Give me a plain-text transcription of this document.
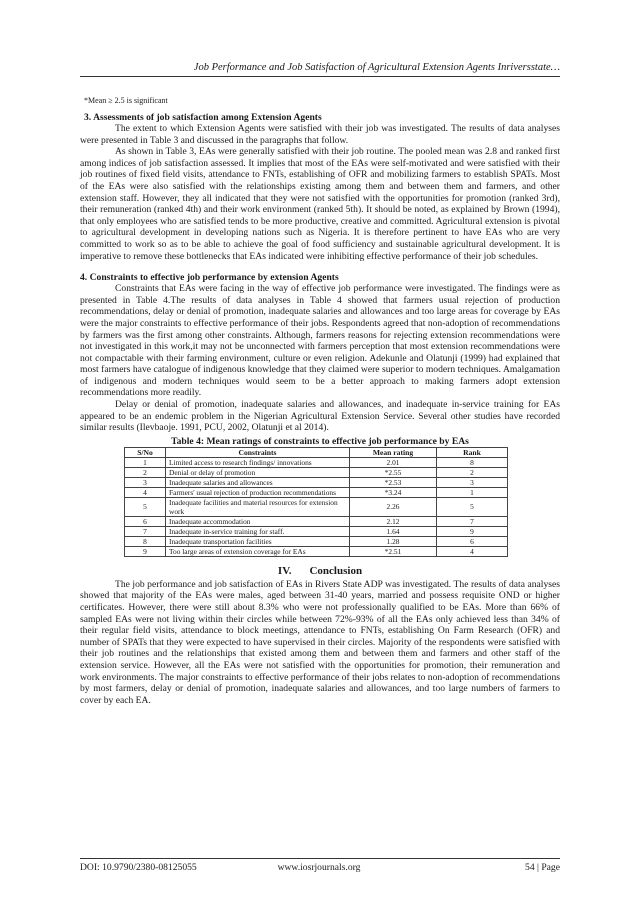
Job Performance and Job Satisfaction of Agricultural Extension Agents Inriversstate…
*Mean ≥ 2.5 is significant

3. Assessments of job satisfaction among Extension Agents

The extent to which Extension Agents were satisfied with their job was investigated. The results of data analyses were presented in Table 3 and discussed in the paragraphs that follow.

As shown in Table 3, EAs were generally satisfied with their job routine. The pooled mean was 2.8 and ranked first among indices of job satisfaction assessed. It implies that most of the EAs were self-motivated and were satisfied with their job routines of fixed field visits, attendance to FNTs, establishing of OFR and mobilizing farmers to establish SPATs. Most of the EAs were also satisfied with the relationships existing among them and between them and farmers, and other extension staff. However, they all indicated that they were not satisfied with the opportunities for promotion (ranked 3rd), their remuneration (ranked 4th) and their work environment (ranked 5th). It should be noted, as explained by Brown (1994), that only employees who are satisfied tends to be more productive, creative and committed. Agricultural extension is pivotal to agricultural development in developing nations such as Nigeria. It is therefore pertinent to have EAs who are very committed to work so as to be able to achieve the goal of food sufficiency and sustainable agricultural development. It is imperative to remove these bottlenecks that EAs indicated were inhibiting effective performance of their job schedules.

4. Constraints to effective job performance by extension Agents

Constraints that EAs were facing in the way of effective job performance were investigated. The findings were as presented in Table 4.The results of data analyses in Table 4 showed that farmers usual rejection of production recommendations, delay or denial of promotion, inadequate salaries and allowances and too large areas for coverage by EAs were the major constraints to effective performance of their jobs. Respondents agreed that non-adoption of recommendations by farmers was the first among other constraints. Although, farmers reasons for rejecting extension recommendations were not investigated in this work,it may not be unconnected with farmers perception that most extension recommendations were not compactable with their farming environment, culture or even religion. Adekunle and Olatunji (1999) had explained that most farmers have catalogue of indigenous knowledge that they claimed were superior to modern techniques. Amalgamation of indigenous and modern techniques would seem to be a better approach to making farmers adopt extension recommendations more readily.

Delay or denial of promotion, inadequate salaries and allowances, and inadequate in-service training for EAs appeared to be an endemic problem in the Nigerian Agricultural Extension Service. Several other studies have recorded similar results (Ilevbaoje. 1991, PCU, 2002, Olatunji et al 2014).

Table 4: Mean ratings of constraints to effective job performance by EAs

S/No	Constraints	Mean rating	Rank
1	Limited access to research findings/ innovations	2.01	8
2	Denial or delay of promotion	*2.55	2
3	Inadequate salaries and allowances	*2.53	3
4	Farmers' usual rejection of production recommendations	*3.24	1
5	Inadequate facilities and material resources for extension work	2.26	5
6	Inadequate accommodation	2.12	7
7	Inadequate in-service training for staff.	1.64	9
8	Inadequate transportation facilities	1.28	6
9	Too large areas of extension coverage for EAs	*2.51	4
IV. Conclusion

The job performance and job satisfaction of EAs in Rivers State ADP was investigated. The results of data analyses showed that majority of the EAs were males, aged between 31-40 years, married and possess requisite OND or higher certificates. However, there were still about 8.3% who were not professionally qualified to be EAs. More than 66% of sampled EAs were not living within their circles while between 72%-93% of all the EAs only achieved less than 34% of their regular field visits, attendance to block meetings, attendance to FNTs, establishing On Farm Research (OFR) and number of SPATs that they were expected to have supervised in their circles. Majority of the respondents were satisfied with their job routines and the relationships that existed among them and between them and farmers and other staff of the extension service. However, all the EAs were not satisfied with the opportunities for promotion, their remuneration and work environments. The major constraints to effective performance of their jobs relates to non-adoption of recommendations by most farmers, delay or denial of promotion, inadequate salaries and allowances, and too large numbers of farmers to cover by each EA.

www.iosrjournals.org
DOI: 10.9790/2380-08125055	54 | Page
